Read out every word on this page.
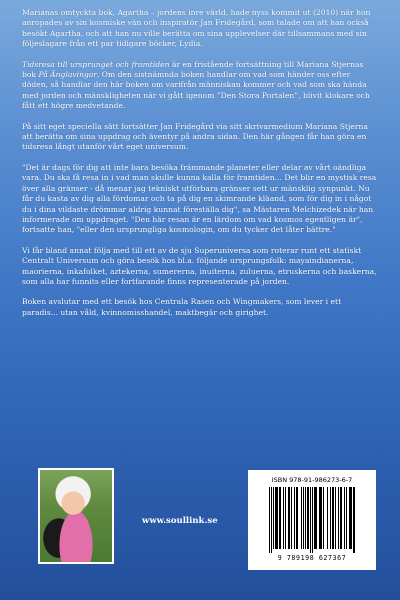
Marianas omtyckta bok, Agartha – jordens inre värld, hade nyss kommit ut (2010) när hon anropades av sin kosmiske vän och inspiratör Jan Fridegård, som talade om att han också besökt Agartha, och att han nu ville berätta om sina upplevelser där tillsammans med sin följeslagare från ett par tidigare böcker, Lydia.

Tidsresa till ursprunget och framtiden är en fristående fortsättning till Mariana Stjernas bok På Änglavingar. Om den sistnämnda boken handlar om vad som händer oss efter döden, så handlar den här boken om varifrån människan kommer och vad som ska hända med jorden och mänskligheten när vi gått igenom ”Den Stora Portalen”, blivit klokare och fått ett högre medvetande.

På sitt eget speciella sätt fortsätter Jan Fridegård via sitt skrivarmedium Mariana Stjerna att berätta om sina uppdrag och äventyr på andra sidan. Den här gången får han göra en tidsresa långt utanför vårt eget universum.

"Det är dags för dig att inte bara besöka främmande planeter eller delar av vårt oändliga vara. Du ska få resa in i vad man skulle kunna kalla för framtiden... Det blir en mystisk resa över alla gränser - då menar jag tekniskt utförbara gränser sett ur mänsklig synpunkt. Nu får du kasta av dig alla fördomar och ta på dig en skimrande kläand, som för dig in i något du i dina vildaste drömmar aldrig kunnat föreställa dig", sa Mästaren Melchizedek när han informerade om uppdraget. "Den här resan är en lärdom om vad kosmos egentligen är", fortsatte han, "eller den ursprungliga kosmologin, om du tycker det låter bättre."

Vi får bland annat följa med till ett av de sju Superuniversa som roterar runt ett statiskt Centralt Universum och göra besök hos bl.a. följande ursprungsfolk: mayaindianerna, maorierna, inkafolket, aztekerna, sumererna, inuiterna, zuluerna, etruskerna och baskerna, som alla har funnits eller fortfarande finns representerade på jorden.

Boken avslutar med ett besök hos Centrala Rasen och Wingmakers, som lever i ett paradis... utan våld, kvinnomisshandel, maktbegär och girighet.

www.soullink.se
ISBN 978-91-986273-6-7
9 789198 627367
